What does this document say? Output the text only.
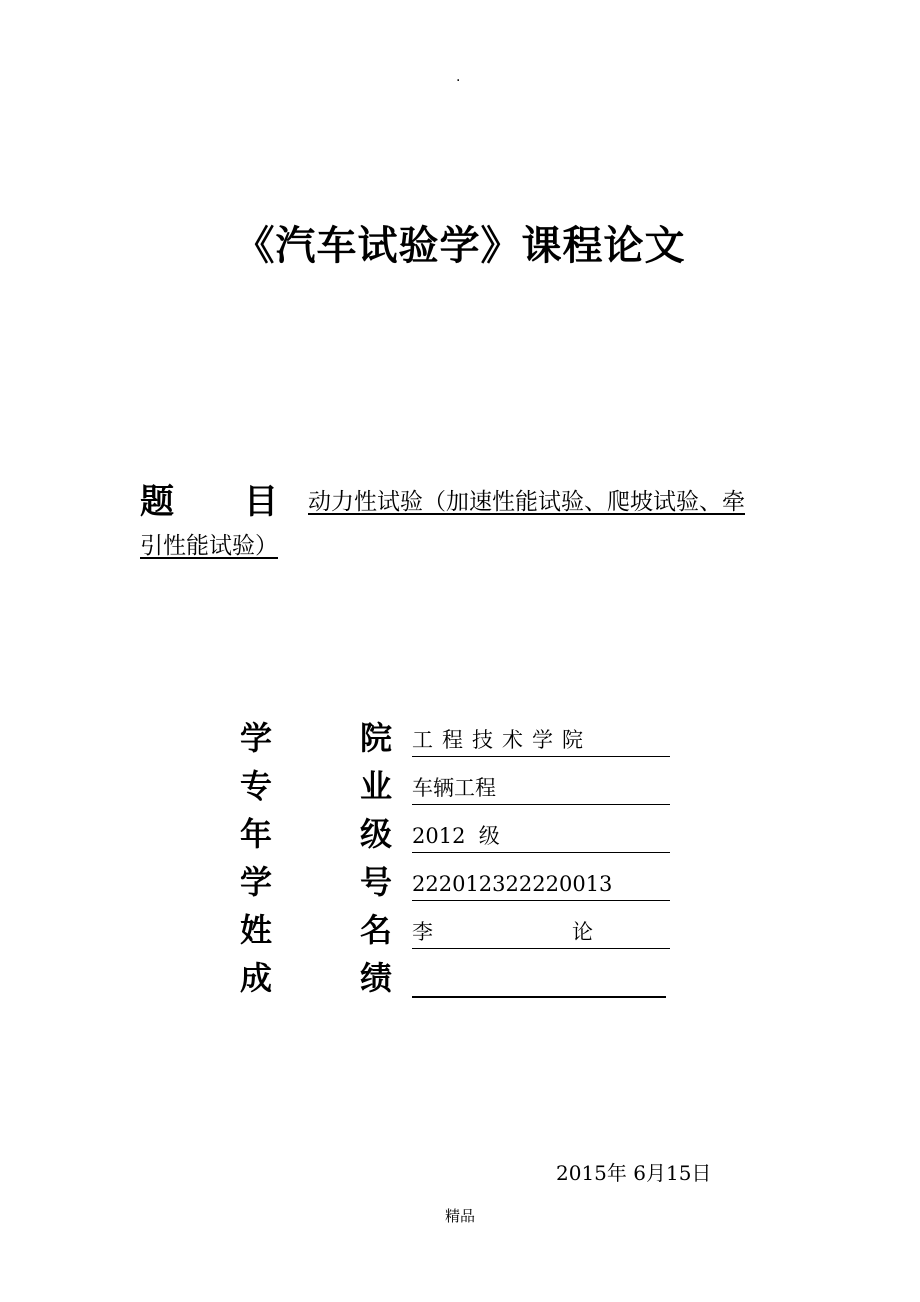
.
《汽车试验学》课程论文
题 目 动力性试验（加速性能试验、爬坡试验、牵
引性能试验）
学	院 工程技术学院
专	业 车辆工程
年	级 2012  级
学	号 222012322220013
姓	名 李	论
成	绩
2015年 6月15日
精品
